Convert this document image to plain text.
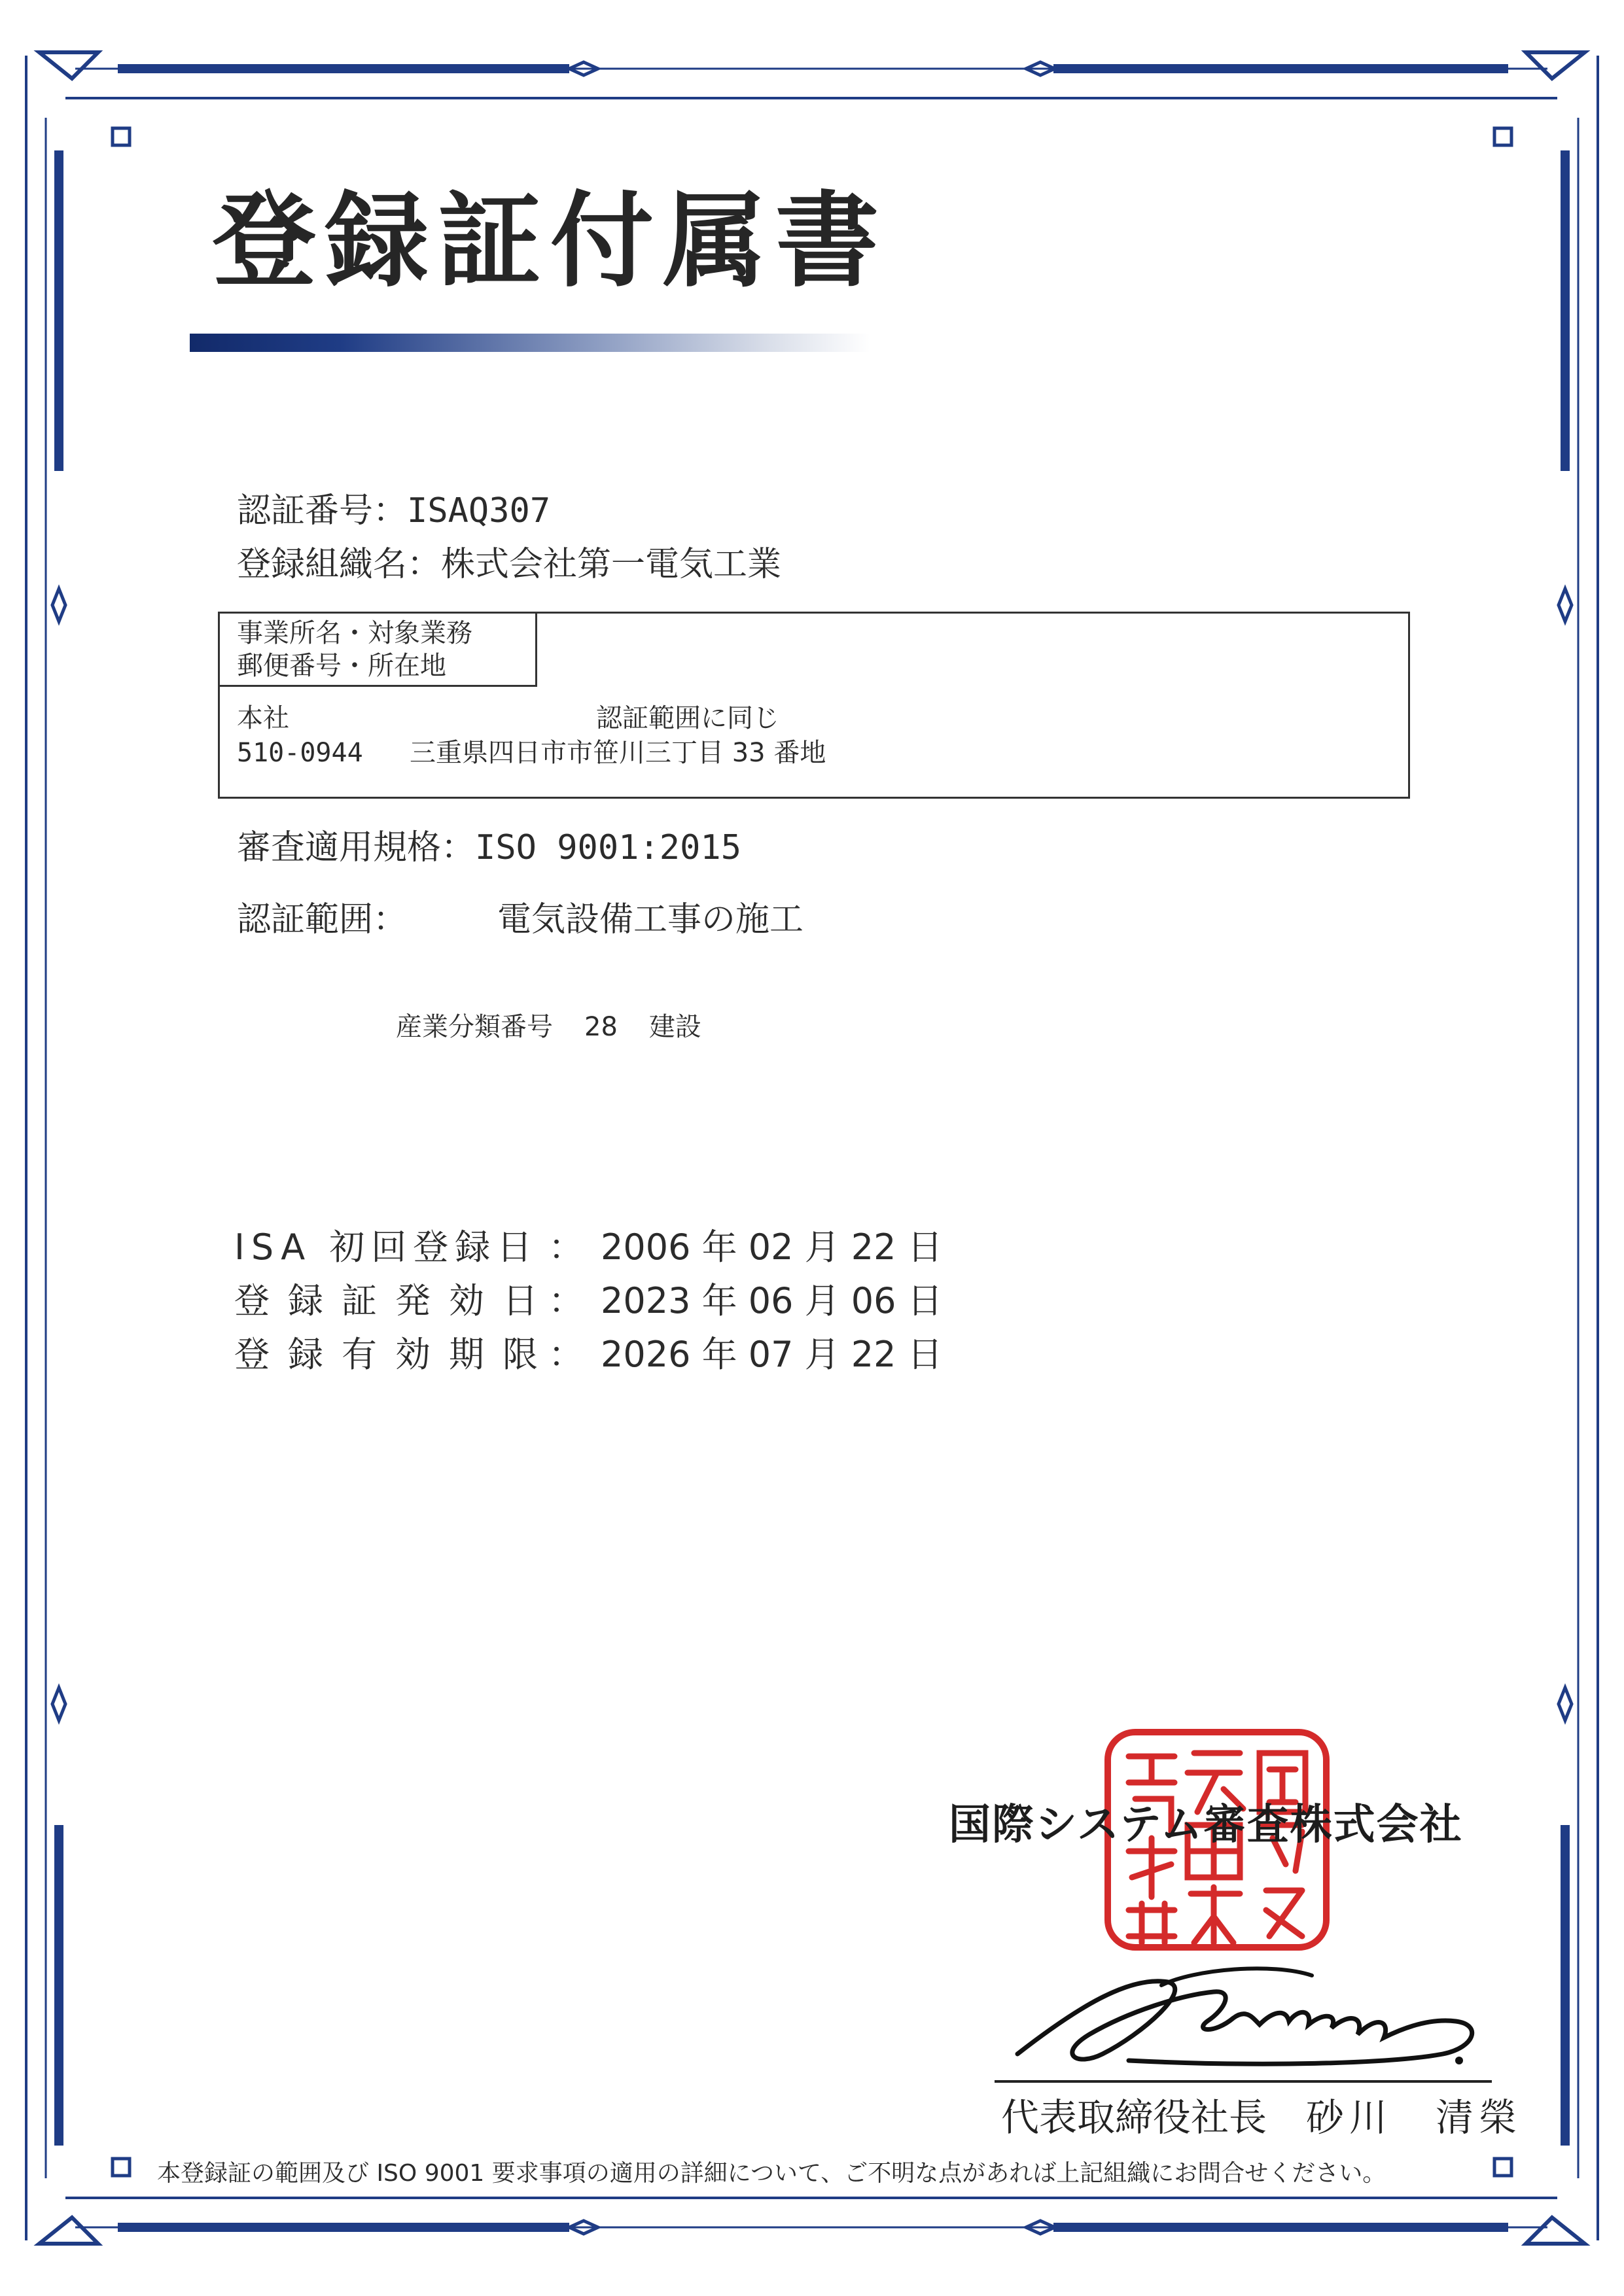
登録証付属書
認証番号：ISAQ307
登録組織名：株式会社第一電気工業
事業所名・対象業務
郵便番号・所在地
本社	認証範囲に同じ
510-0944 三重県四日市市笹川三丁目 33 番地
審査適用規格：ISO 9001:2015
認証範囲：	電気設備工事の施工
産業分類番号 28 建設
ISA 初回登録日 ： 2006 年 02 月 22 日
登録証発効日
： 2023 年 06 月 06 日
登録有効期限
： 2026 年 07 月 22 日
国際システム審査株式会社
代表取締役社長 砂川　清榮
本登録証の範囲及び ISO 9001 要求事項の適用の詳細について、ご不明な点があれば上記組織にお問合せください。
